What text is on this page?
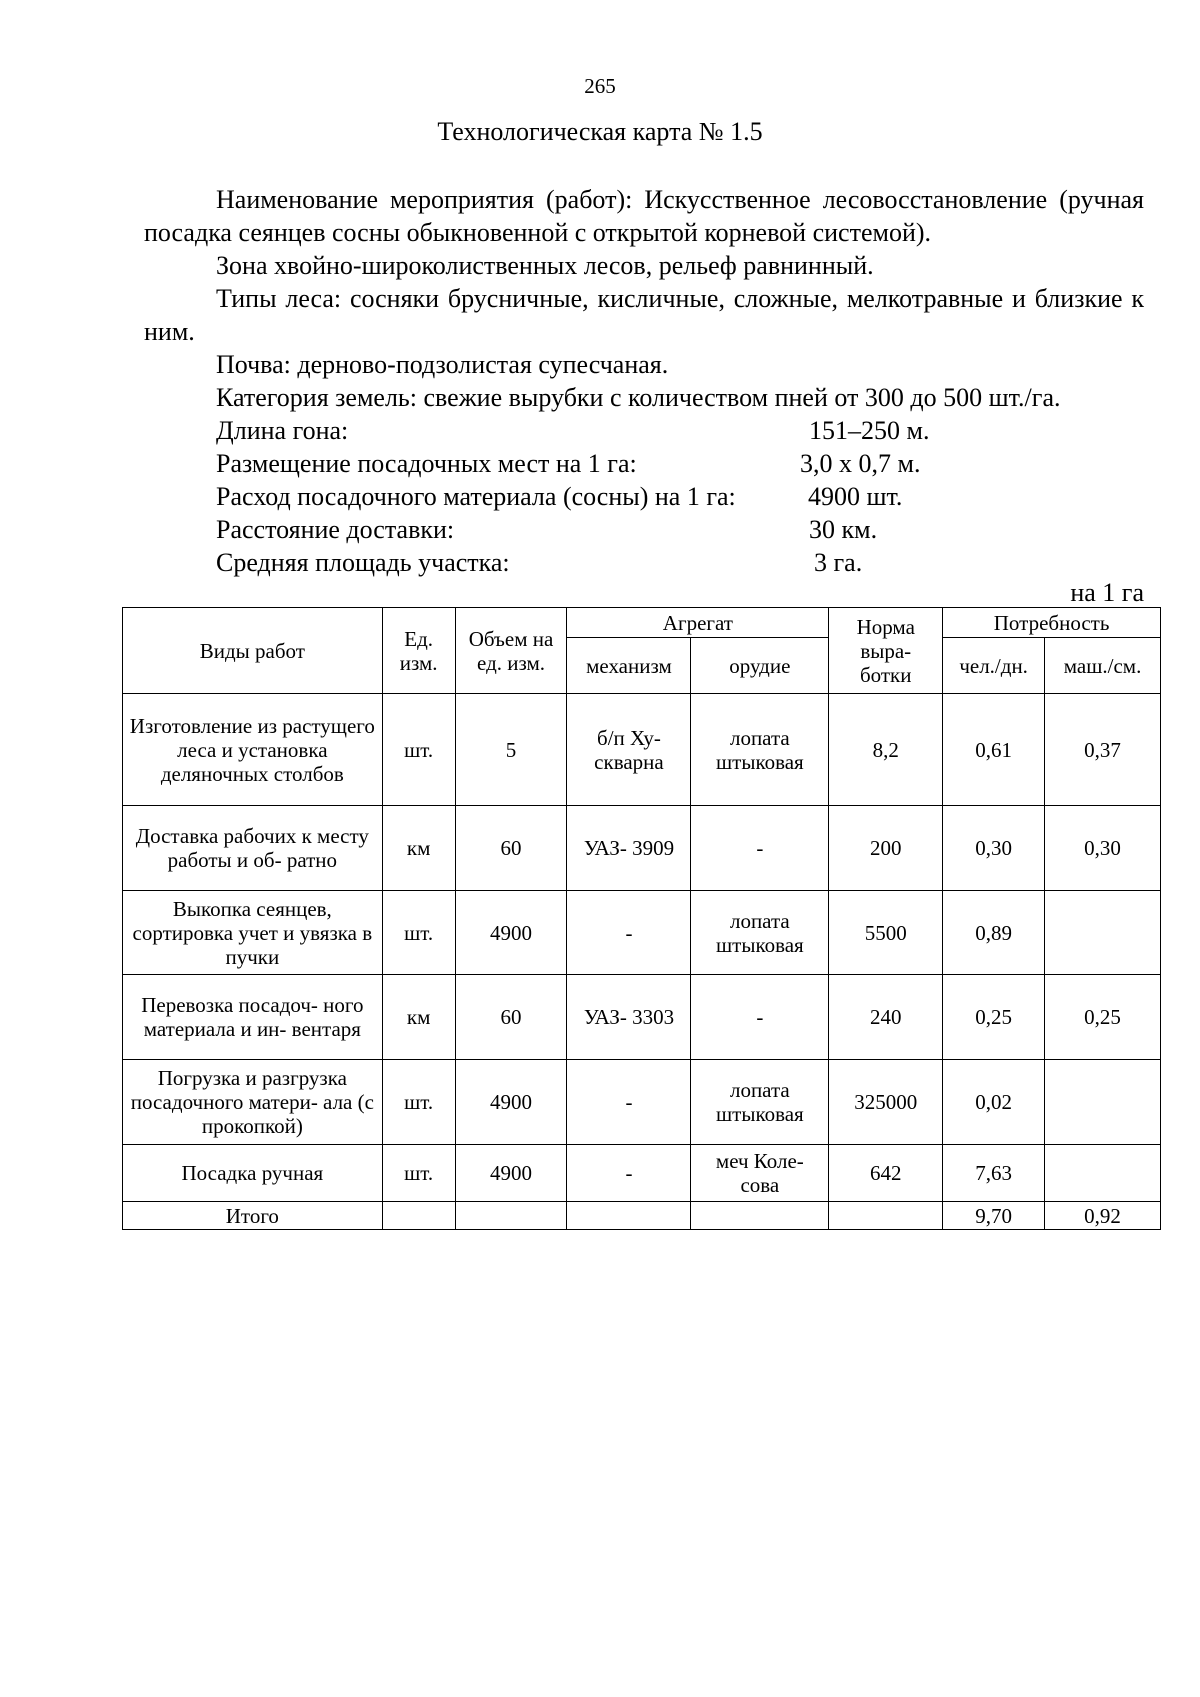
265
Технологическая карта № 1.5

Наименование мероприятия (работ): Искусственное лесовосстановление (ручная посадка сеянцев сосны обыкновенной с открытой корневой системой).

Зона хвойно-широколиственных лесов, рельеф равнинный.

Типы леса: сосняки брусничные, кисличные, сложные, мелкотравные и близкие к ним.

Почва: дерново-подзолистая супесчаная.

Категория земель: свежие вырубки с количеством пней от 300 до 500 шт./га.

Длина гона:	151–250 м.
Размещение посадочных мест на 1 га:	3,0 х 0,7 м.
Расход посадочного материала (сосны) на 1 га:	4900 шт.
Расстояние доставки:	30 км.
Средняя площадь участка:	3 га.
на 1 га
Виды работ	Ед. изм.	Объем на ед. изм.	Агрегат		Норма выра- ботки	Потребность	
			механизм	орудие		чел./дн.	маш./см.
Изготовление из растущего леса и установка деляночных столбов	шт.	5	б/п Ху- скварна	лопата штыковая	8,2	0,61	0,37
Доставка рабочих к месту работы и об- ратно	км	60	УАЗ- 3909	-	200	0,30	0,30
Выкопка сеянцев, сортировка учет и увязка в пучки	шт.	4900	-	лопата штыковая	5500	0,89	
Перевозка посадоч- ного материала и ин- вентаря	км	60	УАЗ- 3303	-	240	0,25	0,25
Погрузка и разгрузка посадочного матери- ала (с прокопкой)	шт.	4900	-	лопата штыковая	325000	0,02	
Посадка ручная	шт.	4900	-	меч Коле- сова	642	7,63	
Итого						9,70	0,92
